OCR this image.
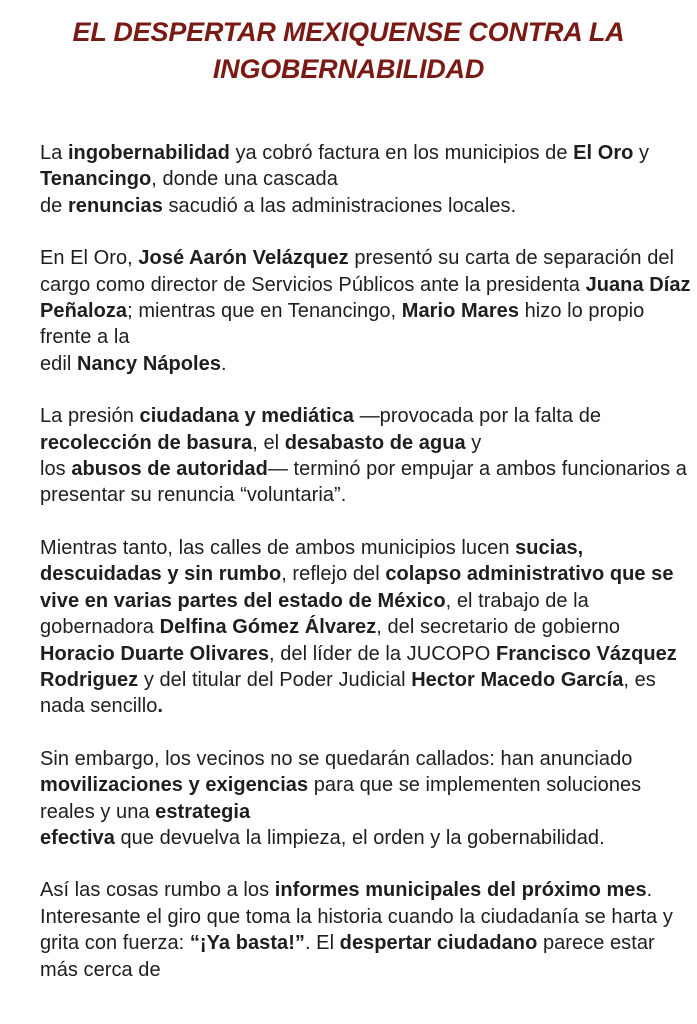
EL DESPERTAR MEXIQUENSE CONTRA LA INGOBERNABILIDAD

La ingobernabilidad ya cobró factura en los municipios de El Oro y Tenancingo, donde una cascada
de renuncias sacudió a las administraciones locales.

En El Oro, José Aarón Velázquez presentó su carta de separación del cargo como director de Servicios Públicos ante la presidenta Juana Díaz Peñaloza; mientras que en Tenancingo, Mario Mares hizo lo propio frente a la
edil Nancy Nápoles.

La presión ciudadana y mediática —provocada por la falta de recolección de basura, el desabasto de agua y
los abusos de autoridad— terminó por empujar a ambos funcionarios a presentar su renuncia “voluntaria”.

Mientras tanto, las calles de ambos municipios lucen sucias, descuidadas y sin rumbo, reflejo del colapso administrativo que se vive en varias partes del estado de México, el trabajo de la gobernadora Delfina Gómez Álvarez, del secretario de gobierno Horacio Duarte Olivares, del líder de la JUCOPO Francisco Vázquez Rodriguez y del titular del Poder Judicial Hector Macedo García, es nada sencillo.

Sin embargo, los vecinos no se quedarán callados: han anunciado movilizaciones y exigencias para que se implementen soluciones reales y una estrategia
efectiva que devuelva la limpieza, el orden y la gobernabilidad.

Así las cosas rumbo a los informes municipales del próximo mes. Interesante el giro que toma la historia cuando la ciudadanía se harta y grita con fuerza: “¡Ya basta!”. El despertar ciudadano parece estar más cerca de
